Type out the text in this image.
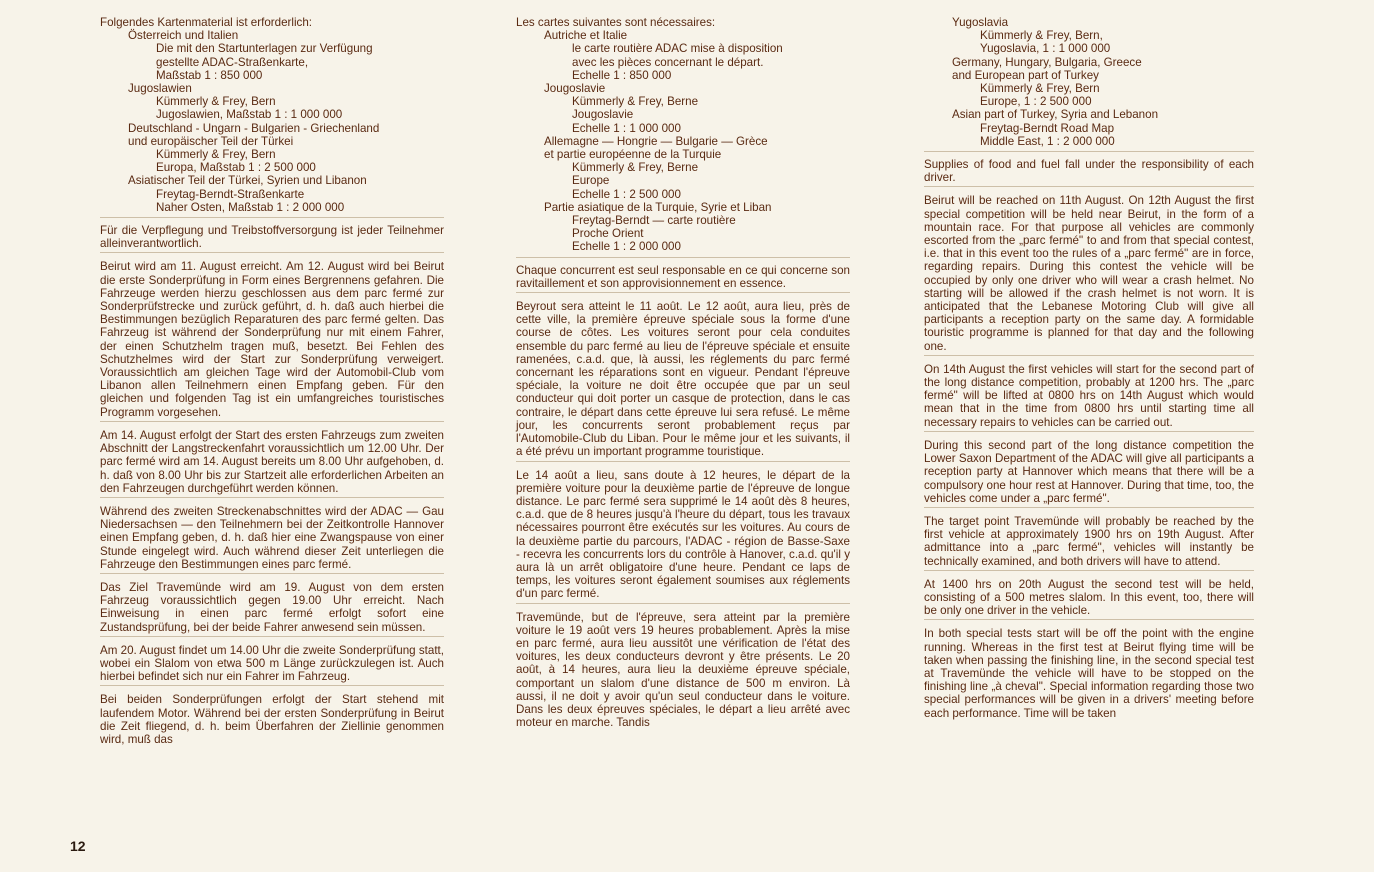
Folgendes Kartenmaterial ist erforderlich:
Österreich und Italien
Die mit den Startunterlagen zur Verfügung
gestellte ADAC-Straßenkarte,
Maßstab 1 : 850 000
Jugoslawien
Kümmerly & Frey, Bern
Jugoslawien, Maßstab 1 : 1 000 000
Deutschland - Ungarn - Bulgarien - Griechenland
und europäischer Teil der Türkei
Kümmerly & Frey, Bern
Europa, Maßstab 1 : 2 500 000
Asiatischer Teil der Türkei, Syrien und Libanon
Freytag-Berndt-Straßenkarte
Naher Osten, Maßstab 1 : 2 000 000

Für die Verpflegung und Treibstoffversorgung ist jeder Teilnehmer alleinverantwortlich.

Beirut wird am 11. August erreicht. Am 12. August wird bei Beirut die erste Sonderprüfung in Form eines Bergrennens gefahren. Die Fahrzeuge werden hierzu geschlossen aus dem parc fermé zur Sonderprüfstrecke und zurück geführt, d. h. daß auch hierbei die Bestimmungen bezüglich Reparaturen des parc fermé gelten. Das Fahrzeug ist während der Sonderprüfung nur mit einem Fahrer, der einen Schutzhelm tragen muß, besetzt. Bei Fehlen des Schutzhelmes wird der Start zur Sonderprüfung verweigert. Voraussichtlich am gleichen Tage wird der Automobil-Club vom Libanon allen Teilnehmern einen Empfang geben. Für den gleichen und folgenden Tag ist ein umfangreiches touristisches Programm vorgesehen.

Am 14. August erfolgt der Start des ersten Fahrzeugs zum zweiten Abschnitt der Langstreckenfahrt voraussichtlich um 12.00 Uhr. Der parc fermé wird am 14. August bereits um 8.00 Uhr aufgehoben, d. h. daß von 8.00 Uhr bis zur Startzeit alle erforderlichen Arbeiten an den Fahrzeugen durchgeführt werden können.

Während des zweiten Streckenabschnittes wird der ADAC — Gau Niedersachsen — den Teilnehmern bei der Zeitkontrolle Hannover einen Empfang geben, d. h. daß hier eine Zwangspause von einer Stunde eingelegt wird. Auch während dieser Zeit unterliegen die Fahrzeuge den Bestimmungen eines parc fermé.

Das Ziel Travemünde wird am 19. August von dem ersten Fahrzeug voraussichtlich gegen 19.00 Uhr erreicht. Nach Einweisung in einen parc fermé erfolgt sofort eine Zustandsprüfung, bei der beide Fahrer anwesend sein müssen.

Am 20. August findet um 14.00 Uhr die zweite Sonderprüfung statt, wobei ein Slalom von etwa 500 m Länge zurückzulegen ist. Auch hierbei befindet sich nur ein Fahrer im Fahrzeug.

Bei beiden Sonderprüfungen erfolgt der Start stehend mit laufendem Motor. Während bei der ersten Sonderprüfung in Beirut die Zeit fliegend, d. h. beim Überfahren der Ziellinie genommen wird, muß das

Les cartes suivantes sont nécessaires:
Autriche et Italie
le carte routière ADAC mise à disposition
avec les pièces concernant le départ.
Echelle 1 : 850 000
Jougoslavie
Kümmerly & Frey, Berne
Jougoslavie
Echelle 1 : 1 000 000
Allemagne — Hongrie — Bulgarie — Grèce
et partie européenne de la Turquie
Kümmerly & Frey, Berne
Europe
Echelle 1 : 2 500 000
Partie asiatique de la Turquie, Syrie et Liban
Freytag-Berndt — carte routière
Proche Orient
Echelle 1 : 2 000 000

Chaque concurrent est seul responsable en ce qui concerne son ravitaillement et son approvisionnement en essence.

Beyrout sera atteint le 11 août. Le 12 août, aura lieu, près de cette ville, la première épreuve spéciale sous la forme d'une course de côtes. Les voitures seront pour cela conduites ensemble du parc fermé au lieu de l'épreuve spéciale et ensuite ramenées, c.a.d. que, là aussi, les réglements du parc fermé concernant les réparations sont en vigueur. Pendant l'épreuve spéciale, la voiture ne doit être occupée que par un seul conducteur qui doit porter un casque de protection, dans le cas contraire, le départ dans cette épreuve lui sera refusé. Le même jour, les concurrents seront probablement reçus par l'Automobile-Club du Liban. Pour le même jour et les suivants, il a été prévu un important programme touristique.

Le 14 août a lieu, sans doute à 12 heures, le départ de la première voiture pour la deuxième partie de l'épreuve de longue distance. Le parc fermé sera supprimé le 14 août dès 8 heures, c.a.d. que de 8 heures jusqu'à l'heure du départ, tous les travaux nécessaires pourront être exécutés sur les voitures. Au cours de la deuxième partie du parcours, l'ADAC - région de Basse-Saxe - recevra les concurrents lors du contrôle à Hanover, c.a.d. qu'il y aura là un arrêt obligatoire d'une heure. Pendant ce laps de temps, les voitures seront également soumises aux réglements d'un parc fermé.

Travemünde, but de l'épreuve, sera atteint par la première voiture le 19 août vers 19 heures probablement. Après la mise en parc fermé, aura lieu aussitôt une vérification de l'état des voitures, les deux conducteurs devront y être présents. Le 20 août, à 14 heures, aura lieu la deuxième épreuve spéciale, comportant un slalom d'une distance de 500 m environ. Là aussi, il ne doit y avoir qu'un seul conducteur dans le voiture. Dans les deux épreuves spéciales, le départ a lieu arrêté avec moteur en marche. Tandis

Yugoslavia
Kümmerly & Frey, Bern,
Yugoslavia, 1 : 1 000 000
Germany, Hungary, Bulgaria, Greece
and European part of Turkey
Kümmerly & Frey, Bern
Europe, 1 : 2 500 000
Asian part of Turkey, Syria and Lebanon
Freytag-Berndt Road Map
Middle East, 1 : 2 000 000

Supplies of food and fuel fall under the responsibility of each driver.

Beirut will be reached on 11th August. On 12th August the first special competition will be held near Beirut, in the form of a mountain race. For that purpose all vehicles are commonly escorted from the „parc fermé" to and from that special contest, i.e. that in this event too the rules of a „parc fermé" are in force, regarding repairs. During this contest the vehicle will be occupied by only one driver who will wear a crash helmet. No starting will be allowed if the crash helmet is not worn. It is anticipated that the Lebanese Motoring Club will give all participants a reception party on the same day. A formidable touristic programme is planned for that day and the following one.

On 14th August the first vehicles will start for the second part of the long distance competition, probably at 1200 hrs. The „parc fermé" will be lifted at 0800 hrs on 14th August which would mean that in the time from 0800 hrs until starting time all necessary repairs to vehicles can be carried out.

During this second part of the long distance competition the Lower Saxon Department of the ADAC will give all participants a reception party at Hannover which means that there will be a compulsory one hour rest at Hannover. During that time, too, the vehicles come under a „parc fermé".

The target point Travemünde will probably be reached by the first vehicle at approximately 1900 hrs on 19th August. After admittance into a „parc fermé", vehicles will instantly be technically examined, and both drivers will have to attend.

At 1400 hrs on 20th August the second test will be held, consisting of a 500 metres slalom. In this event, too, there will be only one driver in the vehicle.

In both special tests start will be off the point with the engine running. Whereas in the first test at Beirut flying time will be taken when passing the finishing line, in the second special test at Travemünde the vehicle will have to be stopped on the finishing line „à cheval". Special information regarding those two special performances will be given in a drivers' meeting before each performance. Time will be taken

12
